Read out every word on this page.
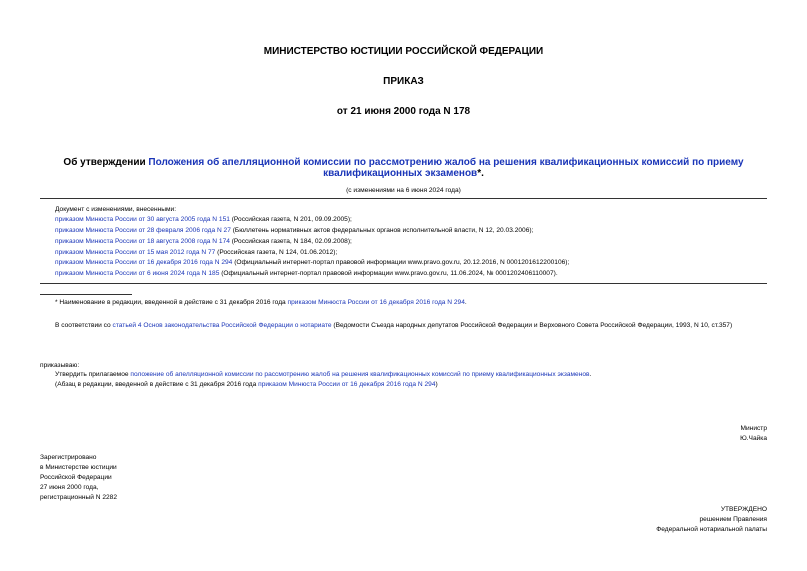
МИНИСТЕРСТВО ЮСТИЦИИ РОССИЙСКОЙ ФЕДЕРАЦИИ
ПРИКАЗ
от 21 июня 2000 года N 178
Об утверждении Положения об апелляционной комиссии по рассмотрению жалоб на решения квалификационных комиссий по приему квалификационных экзаменов*.
(с изменениями на 6 июня 2024 года)
Документ с изменениями, внесенными:
приказом Минюста России от 30 августа 2005 года N 151 (Российская газета, N 201, 09.09.2005);
приказом Минюста России от 28 февраля 2006 года N 27 (Бюллетень нормативных актов федеральных органов исполнительной власти, N 12, 20.03.2006);
приказом Минюста России от 18 августа 2008 года N 174 (Российская газета, N 184, 02.09.2008);
приказом Минюста России от 15 мая 2012 года N 77 (Российская газета, N 124, 01.06.2012);
приказом Минюста России от 16 декабря 2016 года N 294 (Официальный интернет-портал правовой информации www.pravo.gov.ru, 20.12.2016, N 0001201612200106);
приказом Минюста России от 6 июня 2024 года N 185 (Официальный интернет-портал правовой информации www.pravo.gov.ru, 11.06.2024, № 0001202406110007).
* Наименование в редакции, введенной в действие с 31 декабря 2016 года приказом Минюста России от 16 декабря 2016 года N 294.
В соответствии со статьей 4 Основ законодательства Российской Федерации о нотариате (Ведомости Съезда народных депутатов Российской Федерации и Верховного Совета Российской Федерации, 1993, N 10, ст.357)
приказываю:
Утвердить прилагаемое положение об апелляционной комиссии по рассмотрению жалоб на решения квалификационных комиссий по приему квалификационных экзаменов.
(Абзац в редакции, введенной в действие с 31 декабря 2016 года приказом Минюста России от 16 декабря 2016 года N 294)
Министр
Ю.Чайка
Зарегистрировано
в Министерстве юстиции
Российской Федерации
27 июня 2000 года,
регистрационный N 2282
УТВЕРЖДЕНО
решением Правления
Федеральной нотариальной палаты
